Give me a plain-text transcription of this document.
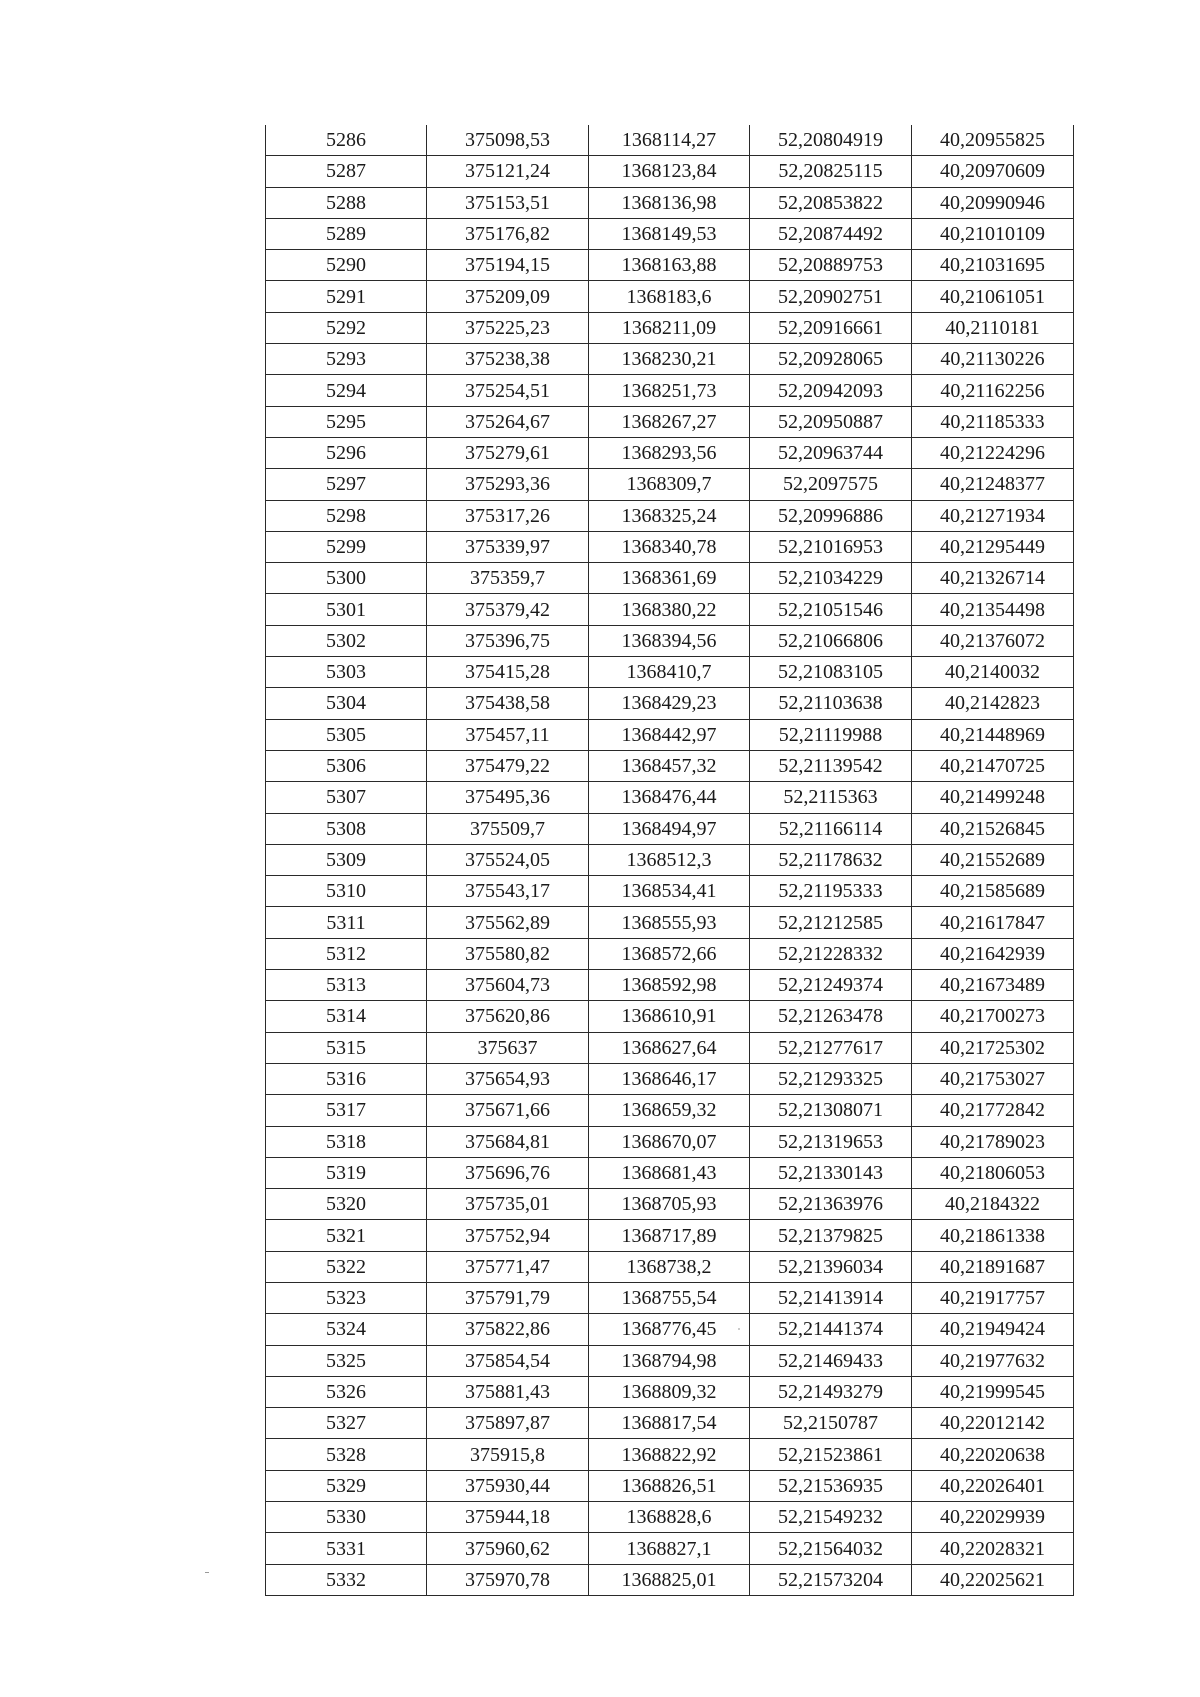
5286	375098,53	1368114,27	52,20804919	40,20955825
5287	375121,24	1368123,84	52,20825115	40,20970609
5288	375153,51	1368136,98	52,20853822	40,20990946
5289	375176,82	1368149,53	52,20874492	40,21010109
5290	375194,15	1368163,88	52,20889753	40,21031695
5291	375209,09	1368183,6	52,20902751	40,21061051
5292	375225,23	1368211,09	52,20916661	40,2110181
5293	375238,38	1368230,21	52,20928065	40,21130226
5294	375254,51	1368251,73	52,20942093	40,21162256
5295	375264,67	1368267,27	52,20950887	40,21185333
5296	375279,61	1368293,56	52,20963744	40,21224296
5297	375293,36	1368309,7	52,2097575	40,21248377
5298	375317,26	1368325,24	52,20996886	40,21271934
5299	375339,97	1368340,78	52,21016953	40,21295449
5300	375359,7	1368361,69	52,21034229	40,21326714
5301	375379,42	1368380,22	52,21051546	40,21354498
5302	375396,75	1368394,56	52,21066806	40,21376072
5303	375415,28	1368410,7	52,21083105	40,2140032
5304	375438,58	1368429,23	52,21103638	40,2142823
5305	375457,11	1368442,97	52,21119988	40,21448969
5306	375479,22	1368457,32	52,21139542	40,21470725
5307	375495,36	1368476,44	52,2115363	40,21499248
5308	375509,7	1368494,97	52,21166114	40,21526845
5309	375524,05	1368512,3	52,21178632	40,21552689
5310	375543,17	1368534,41	52,21195333	40,21585689
5311	375562,89	1368555,93	52,21212585	40,21617847
5312	375580,82	1368572,66	52,21228332	40,21642939
5313	375604,73	1368592,98	52,21249374	40,21673489
5314	375620,86	1368610,91	52,21263478	40,21700273
5315	375637	1368627,64	52,21277617	40,21725302
5316	375654,93	1368646,17	52,21293325	40,21753027
5317	375671,66	1368659,32	52,21308071	40,21772842
5318	375684,81	1368670,07	52,21319653	40,21789023
5319	375696,76	1368681,43	52,21330143	40,21806053
5320	375735,01	1368705,93	52,21363976	40,2184322
5321	375752,94	1368717,89	52,21379825	40,21861338
5322	375771,47	1368738,2	52,21396034	40,21891687
5323	375791,79	1368755,54	52,21413914	40,21917757
5324	375822,86	1368776,45	52,21441374	40,21949424
5325	375854,54	1368794,98	52,21469433	40,21977632
5326	375881,43	1368809,32	52,21493279	40,21999545
5327	375897,87	1368817,54	52,2150787	40,22012142
5328	375915,8	1368822,92	52,21523861	40,22020638
5329	375930,44	1368826,51	52,21536935	40,22026401
5330	375944,18	1368828,6	52,21549232	40,22029939
5331	375960,62	1368827,1	52,21564032	40,22028321
5332	375970,78	1368825,01	52,21573204	40,22025621
